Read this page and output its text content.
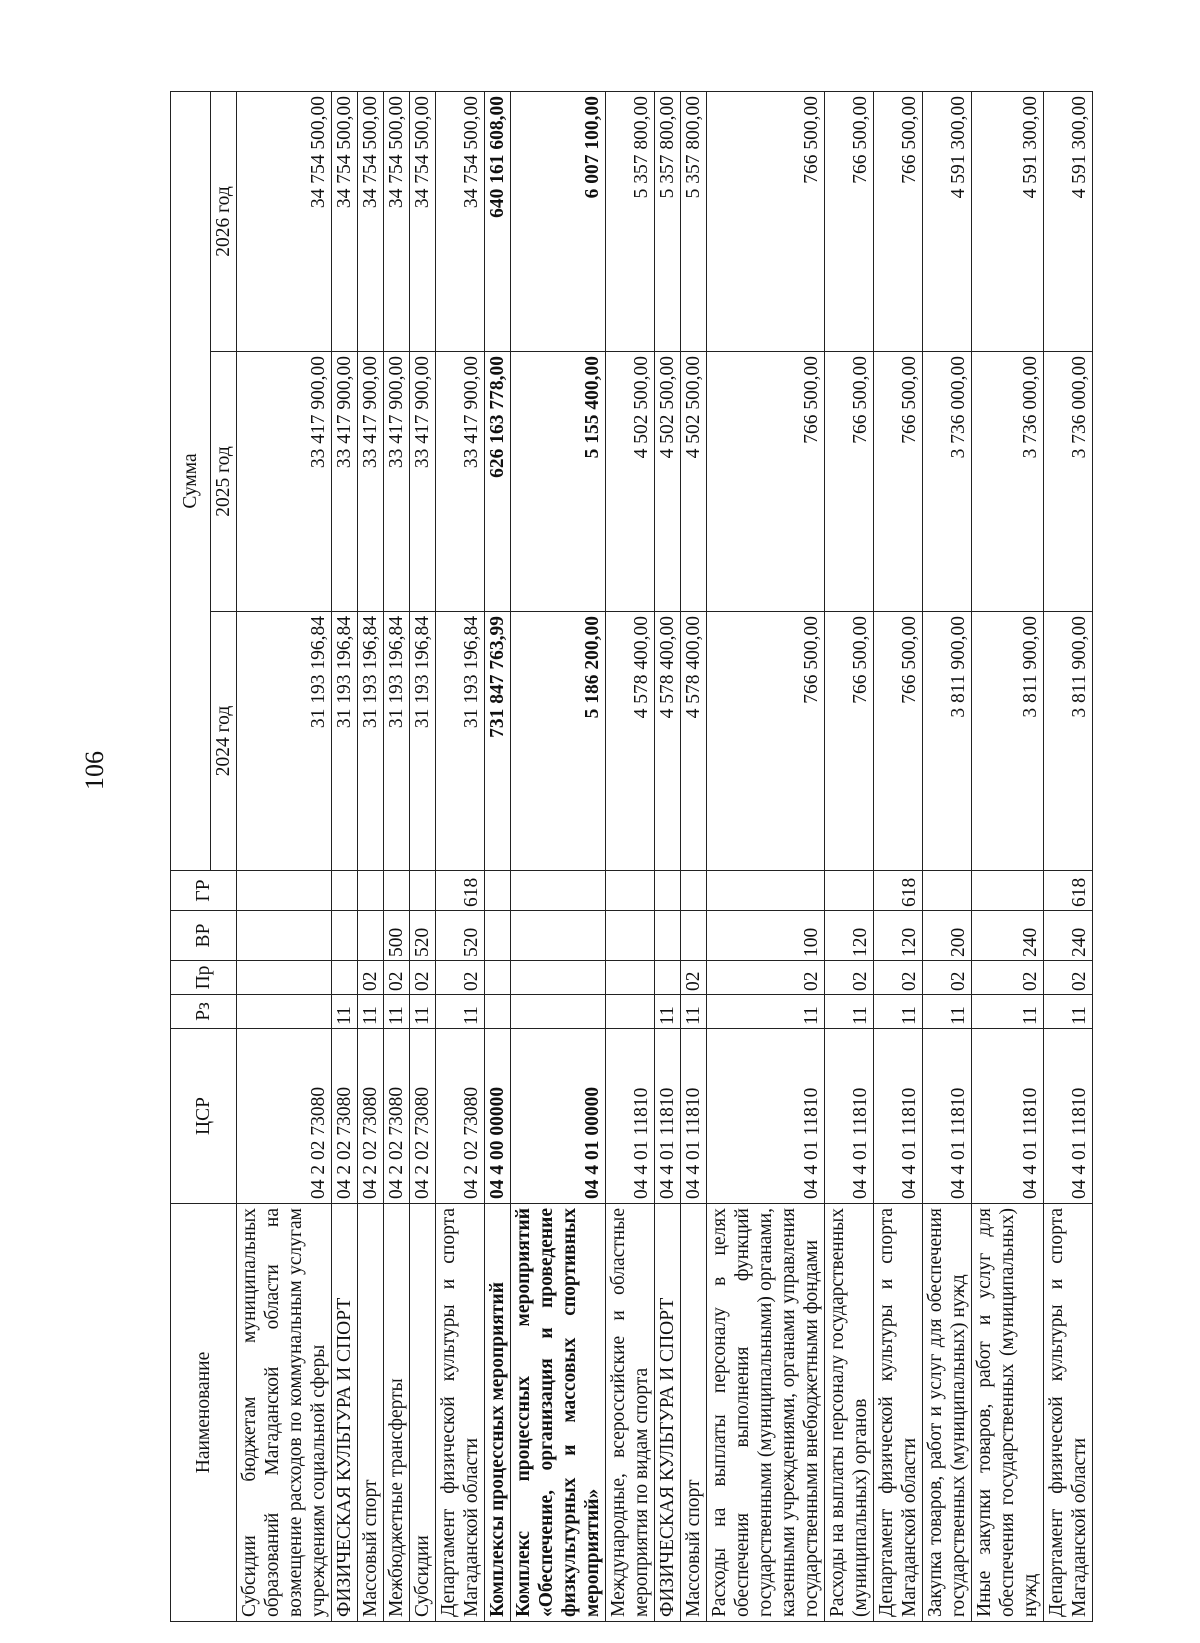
106
Наименование	ЦСР	Рз	Пр	ВР	ГР	Сумма		
						2024 год	2025 год	2026 год
Субсидии бюджетам муниципальных образований Магаданской области на возмещение расходов по коммунальным услугам учреждениям социальной сферы	04 2 02 73080					31 193 196,84	33 417 900,00	34 754 500,00
ФИЗИЧЕСКАЯ КУЛЬТУРА И СПОРТ	04 2 02 73080	11				31 193 196,84	33 417 900,00	34 754 500,00
Массовый спорт	04 2 02 73080	11	02			31 193 196,84	33 417 900,00	34 754 500,00
Межбюджетные трансферты	04 2 02 73080	11	02	500		31 193 196,84	33 417 900,00	34 754 500,00
Субсидии	04 2 02 73080	11	02	520		31 193 196,84	33 417 900,00	34 754 500,00
Департамент физической культуры и спорта Магаданской области	04 2 02 73080	11	02	520	618	31 193 196,84	33 417 900,00	34 754 500,00
Комплексы процессных мероприятий	04 4 00 00000					731 847 763,99	626 163 778,00	640 161 608,00
Комплекс процессных мероприятий «Обеспечение, организация и проведение физкультурных и массовых спортивных мероприятий»	04 4 01 00000					5 186 200,00	5 155 400,00	6 007 100,00
Международные, всероссийские и областные мероприятия по видам спорта	04 4 01 11810					4 578 400,00	4 502 500,00	5 357 800,00
ФИЗИЧЕСКАЯ КУЛЬТУРА И СПОРТ	04 4 01 11810	11				4 578 400,00	4 502 500,00	5 357 800,00
Массовый спорт	04 4 01 11810	11	02			4 578 400,00	4 502 500,00	5 357 800,00
Расходы на выплаты персоналу в целях обеспечения выполнения функций государственными (муниципальными) органами, казенными учреждениями, органами управления государственными внебюджетными фондами	04 4 01 11810	11	02	100		766 500,00	766 500,00	766 500,00
Расходы на выплаты персоналу государственных (муниципальных) органов	04 4 01 11810	11	02	120		766 500,00	766 500,00	766 500,00
Департамент физической культуры и спорта Магаданской области	04 4 01 11810	11	02	120	618	766 500,00	766 500,00	766 500,00
Закупка товаров, работ и услуг для обеспечения государственных (муниципальных) нужд	04 4 01 11810	11	02	200		3 811 900,00	3 736 000,00	4 591 300,00
Иные закупки товаров, работ и услуг для обеспечения государственных (муниципальных) нужд	04 4 01 11810	11	02	240		3 811 900,00	3 736 000,00	4 591 300,00
Департамент физической культуры и спорта Магаданской области	04 4 01 11810	11	02	240	618	3 811 900,00	3 736 000,00	4 591 300,00
